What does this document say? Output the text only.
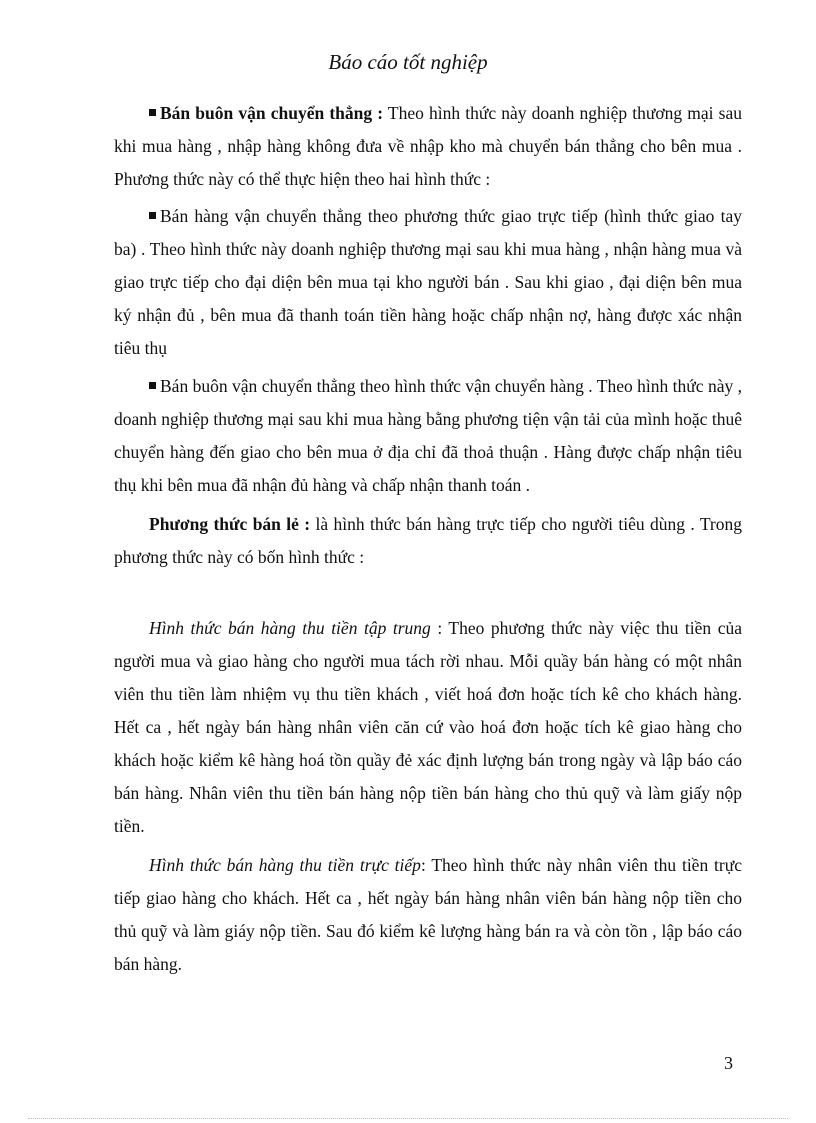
Báo cáo tốt nghiệp
Bán buôn vận chuyển thẳng : Theo hình thức này doanh nghiệp thương mại sau khi mua hàng , nhập hàng không đưa về nhập kho mà chuyển bán thẳng cho bên mua . Phương thức này có thể thực hiện theo hai hình thức :
Bán hàng vận chuyển thẳng theo phương thức giao trực tiếp (hình thức giao tay ba) . Theo hình thức này doanh nghiệp thương mại sau khi mua hàng , nhận hàng mua và giao trực tiếp cho đại diện bên mua tại kho người bán . Sau khi giao , đại diện bên mua ký nhận đủ , bên mua đã thanh toán tiền hàng hoặc chấp nhận nợ, hàng được xác nhận tiêu thụ
Bán buôn vận chuyển thẳng theo hình thức vận chuyển hàng . Theo hình thức này , doanh nghiệp thương mại sau khi mua hàng bằng phương tiện vận tải của mình hoặc thuê chuyển hàng đến giao cho bên mua ở địa chỉ đã thoả thuận . Hàng được chấp nhận tiêu thụ khi bên mua đã nhận đủ hàng và chấp nhận thanh toán .
Phương thức bán lẻ : là hình thức bán hàng trực tiếp cho người tiêu dùng . Trong phương thức này có bốn hình thức :
Hình thức bán hàng thu tiền tập trung : Theo phương thức này việc thu tiền của người mua và giao hàng cho người mua tách rời nhau. Mỗi quầy bán hàng có một nhân viên thu tiền làm nhiệm vụ thu tiền khách , viết hoá đơn hoặc tích kê cho khách hàng. Hết ca , hết ngày bán hàng nhân viên căn cứ vào hoá đơn hoặc tích kê giao hàng cho khách hoặc kiểm kê hàng hoá tồn quầy đẻ xác định lượng bán trong ngày và lập báo cáo bán hàng. Nhân viên thu tiền bán hàng nộp tiền bán hàng cho thủ quỹ và làm giấy nộp tiền.
Hình thức bán hàng thu tiền trực tiếp: Theo hình thức này nhân viên thu tiền trực tiếp giao hàng cho khách. Hết ca , hết ngày bán hàng nhân viên bán hàng nộp tiền cho thủ quỹ và làm giáy nộp tiền. Sau đó kiểm kê lượng hàng bán ra và còn tồn , lập báo cáo bán hàng.
3
